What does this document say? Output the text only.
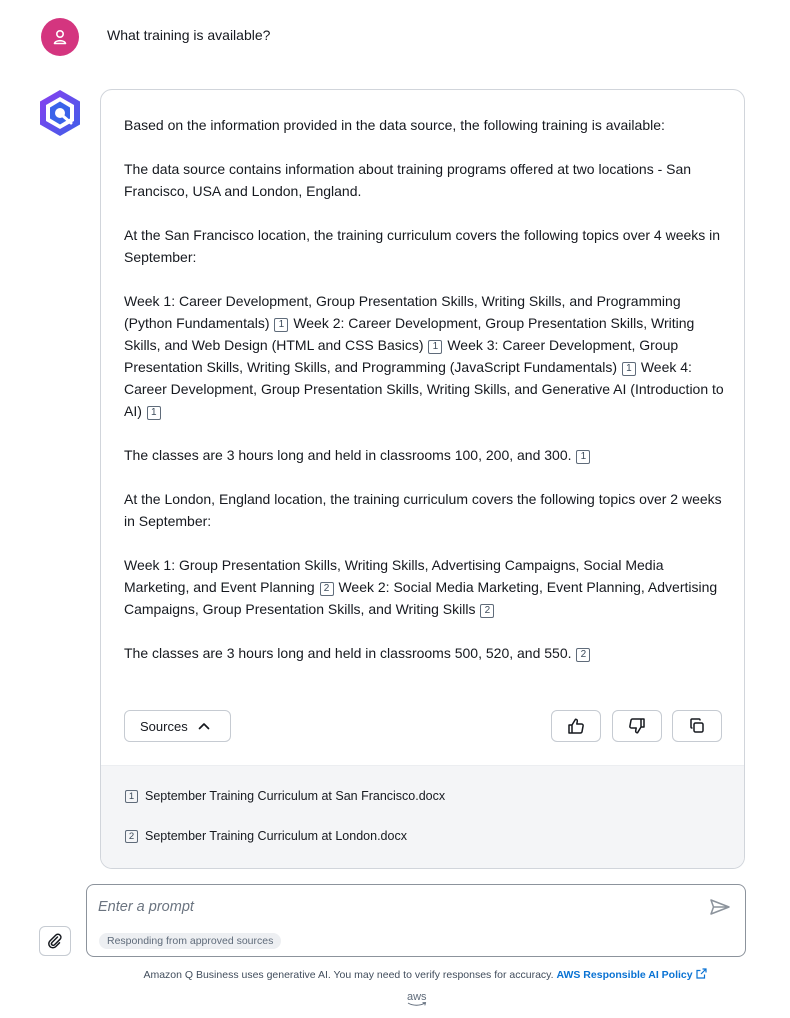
What training is available?

Based on the information provided in the data source, the following training is available:

The data source contains information about training programs offered at two locations - San Francisco, USA and London, England.

At the San Francisco location, the training curriculum covers the following topics over 4 weeks in September:

Week 1: Career Development, Group Presentation Skills, Writing Skills, and Programming (Python Fundamentals) 1 Week 2: Career Development, Group Presentation Skills, Writing Skills, and Web Design (HTML and CSS Basics) 1 Week 3: Career Development, Group Presentation Skills, Writing Skills, and Programming (JavaScript Fundamentals) 1 Week 4: Career Development, Group Presentation Skills, Writing Skills, and Generative AI (Introduction to AI) 1

The classes are 3 hours long and held in classrooms 100, 200, and 300. 1

At the London, England location, the training curriculum covers the following topics over 2 weeks in September:

Week 1: Group Presentation Skills, Writing Skills, Advertising Campaigns, Social Media Marketing, and Event Planning 2 Week 2: Social Media Marketing, Event Planning, Advertising Campaigns, Group Presentation Skills, and Writing Skills 2

The classes are 3 hours long and held in classrooms 500, 520, and 550. 2

Sources
1 September Training Curriculum at San Francisco.docx
2 September Training Curriculum at London.docx
Enter a prompt
Responding from approved sources
Amazon Q Business uses generative AI. You may need to verify responses for accuracy. AWS Responsible AI Policy
aws
